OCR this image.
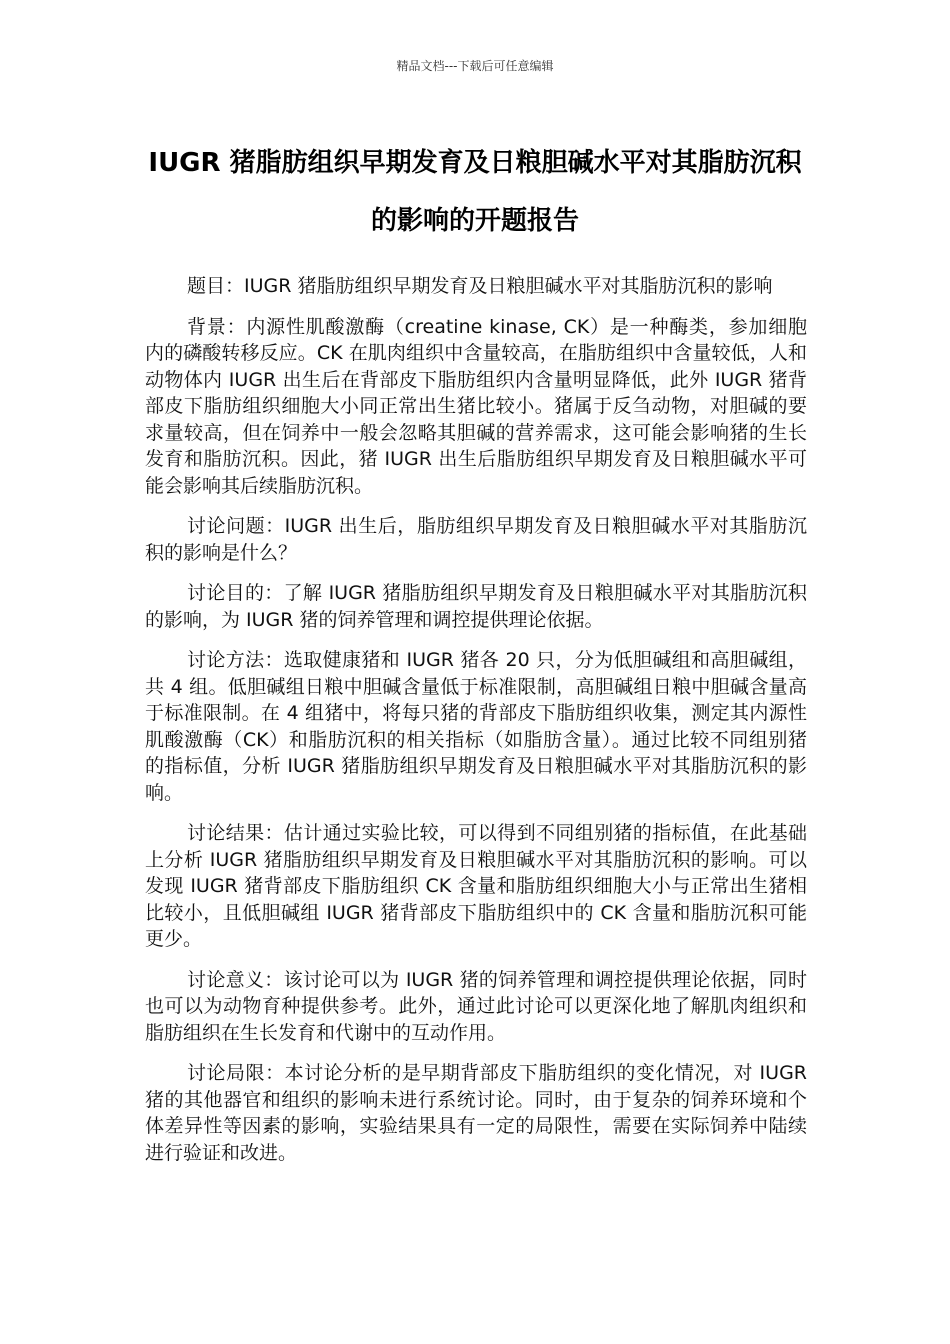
精品文档---下载后可任意编辑
IUGR 猪脂肪组织早期发育及日粮胆碱水平对其脂肪沉积的影响的开题报告

题目：IUGR 猪脂肪组织早期发育及日粮胆碱水平对其脂肪沉积的影响

背景：内源性肌酸激酶（creatine kinase, CK）是一种酶类，参加细胞内的磷酸转移反应。CK 在肌肉组织中含量较高，在脂肪组织中含量较低，人和动物体内 IUGR 出生后在背部皮下脂肪组织内含量明显降低，此外 IUGR 猪背部皮下脂肪组织细胞大小同正常出生猪比较小。猪属于反刍动物，对胆碱的要求量较高，但在饲养中一般会忽略其胆碱的营养需求，这可能会影响猪的生长发育和脂肪沉积。因此，猪 IUGR 出生后脂肪组织早期发育及日粮胆碱水平可能会影响其后续脂肪沉积。

讨论问题：IUGR 出生后，脂肪组织早期发育及日粮胆碱水平对其脂肪沉积的影响是什么？

讨论目的：了解 IUGR 猪脂肪组织早期发育及日粮胆碱水平对其脂肪沉积的影响，为 IUGR 猪的饲养管理和调控提供理论依据。

讨论方法：选取健康猪和 IUGR 猪各 20 只，分为低胆碱组和高胆碱组，共 4 组。低胆碱组日粮中胆碱含量低于标准限制，高胆碱组日粮中胆碱含量高于标准限制。在 4 组猪中，将每只猪的背部皮下脂肪组织收集，测定其内源性肌酸激酶（CK）和脂肪沉积的相关指标（如脂肪含量）。通过比较不同组别猪的指标值，分析 IUGR 猪脂肪组织早期发育及日粮胆碱水平对其脂肪沉积的影响。

讨论结果：估计通过实验比较，可以得到不同组别猪的指标值，在此基础上分析 IUGR 猪脂肪组织早期发育及日粮胆碱水平对其脂肪沉积的影响。可以发现 IUGR 猪背部皮下脂肪组织 CK 含量和脂肪组织细胞大小与正常出生猪相比较小，且低胆碱组 IUGR 猪背部皮下脂肪组织中的 CK 含量和脂肪沉积可能更少。

讨论意义：该讨论可以为 IUGR 猪的饲养管理和调控提供理论依据，同时也可以为动物育种提供参考。此外，通过此讨论可以更深化地了解肌肉组织和脂肪组织在生长发育和代谢中的互动作用。

讨论局限：本讨论分析的是早期背部皮下脂肪组织的变化情况，对 IUGR 猪的其他器官和组织的影响未进行系统讨论。同时，由于复杂的饲养环境和个体差异性等因素的影响，实验结果具有一定的局限性，需要在实际饲养中陆续进行验证和改进。
